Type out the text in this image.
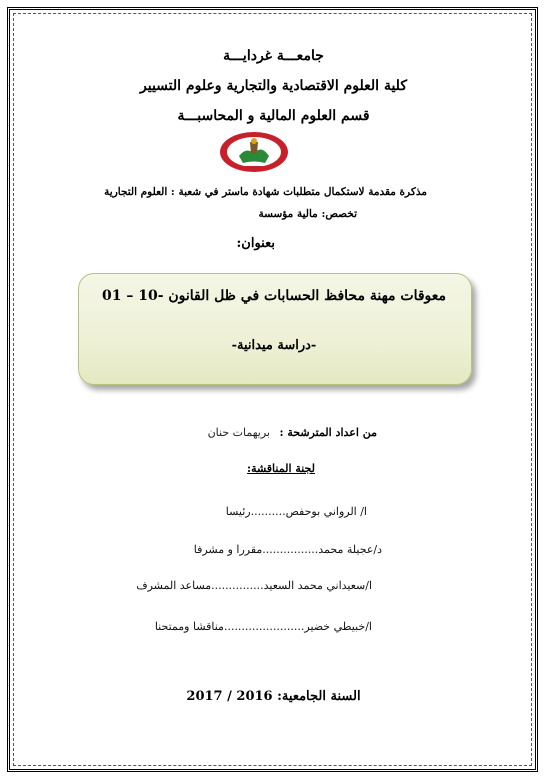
جامعـــة غردايـــة
كلية العلوم الاقتصادية والتجارية وعلوم التسيير
قسم العلوم المالية و المحاسبـــة
مذكرة مقدمة لاستكمال متطلبات شهادة ماستر في شعبة : العلوم التجارية
تخصص: مالية مؤسسة
بعنوان:
معوقات مهنة محافظ الحسابات في ظل القانون -10 – 01
-دراسة ميدانية-
من اعداد المترشحة : بريهمات حنان
لجنة المناقشة:
ا/ الرواني بوحفص..........رئيسا
د/عجيلة محمد................مقررا و مشرفا
ا/سعيداني محمد السعيد...............مساعد المشرف
ا/خبيطي خضير.......................مناقشا وممتحنا
السنة الجامعية: 2016 / 2017
